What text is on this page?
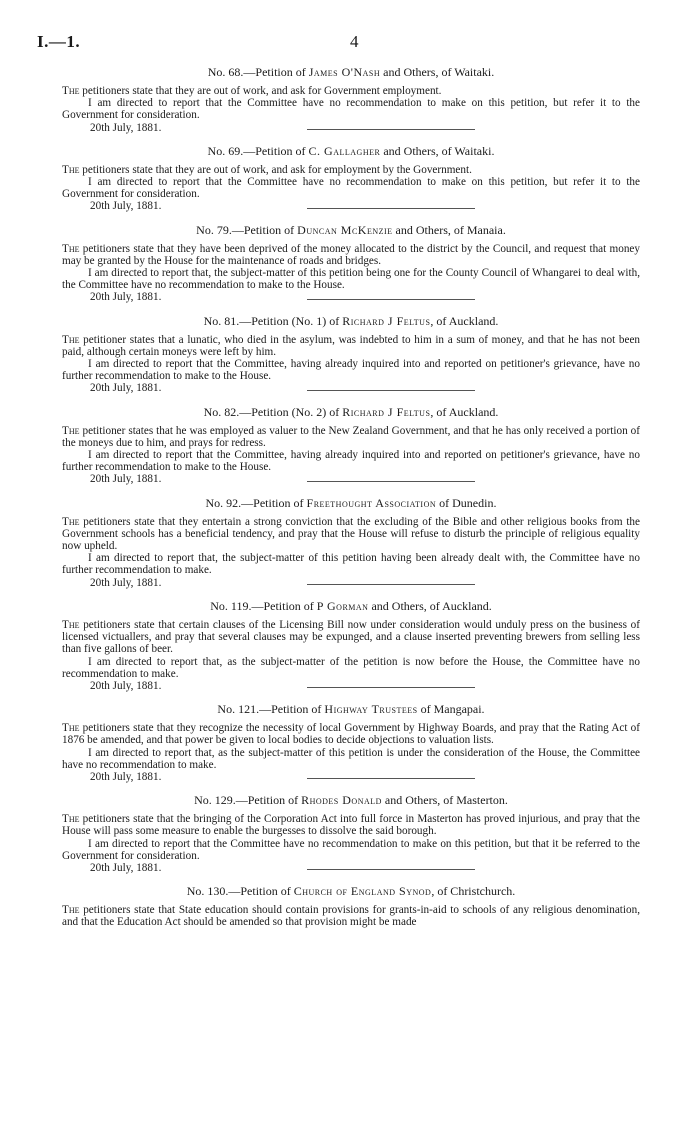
I.—1.	4

No. 68.—Petition of James O'Nash and Others, of Waitaki.

The petitioners state that they are out of work, and ask for Government employment.

I am directed to report that the Committee have no recommendation to make on this petition, but refer it to the Government for consideration.

20th July, 1881.

No. 69.—Petition of C. Gallagher and Others, of Waitaki.

The petitioners state that they are out of work, and ask for employment by the Government.

I am directed to report that the Committee have no recommendation to make on this petition, but refer it to the Government for consideration.

20th July, 1881.

No. 79.—Petition of Duncan McKenzie and Others, of Manaia.

The petitioners state that they have been deprived of the money allocated to the district by the Council, and request that money may be granted by the House for the maintenance of roads and bridges.

I am directed to report that, the subject-matter of this petition being one for the County Council of Whangarei to deal with, the Committee have no recommendation to make to the House.

20th July, 1881.

No. 81.—Petition (No. 1) of Richard J Feltus, of Auckland.

The petitioner states that a lunatic, who died in the asylum, was indebted to him in a sum of money, and that he has not been paid, although certain moneys were left by him.

I am directed to report that the Committee, having already inquired into and reported on petitioner's grievance, have no further recommendation to make to the House.

20th July, 1881.

No. 82.—Petition (No. 2) of Richard J Feltus, of Auckland.

The petitioner states that he was employed as valuer to the New Zealand Government, and that he has only received a portion of the moneys due to him, and prays for redress.

I am directed to report that the Committee, having already inquired into and reported on petitioner's grievance, have no further recommendation to make to the House.

20th July, 1881.

No. 92.—Petition of Freethought Association of Dunedin.

The petitioners state that they entertain a strong conviction that the excluding of the Bible and other religious books from the Government schools has a beneficial tendency, and pray that the House will refuse to disturb the principle of religious equality now upheld.

I am directed to report that, the subject-matter of this petition having been already dealt with, the Committee have no further recommendation to make.

20th July, 1881.

No. 119.—Petition of P Gorman and Others, of Auckland.

The petitioners state that certain clauses of the Licensing Bill now under consideration would unduly press on the business of licensed victuallers, and pray that several clauses may be expunged, and a clause inserted preventing brewers from selling less than five gallons of beer.

I am directed to report that, as the subject-matter of the petition is now before the House, the Committee have no recommendation to make.

20th July, 1881.

No. 121.—Petition of Highway Trustees of Mangapai.

The petitioners state that they recognize the necessity of local Government by Highway Boards, and pray that the Rating Act of 1876 be amended, and that power be given to local bodies to decide objections to valuation lists.

I am directed to report that, as the subject-matter of this petition is under the consideration of the House, the Committee have no recommendation to make.

20th July, 1881.

No. 129.—Petition of Rhodes Donald and Others, of Masterton.

The petitioners state that the bringing of the Corporation Act into full force in Masterton has proved injurious, and pray that the House will pass some measure to enable the burgesses to dissolve the said borough.

I am directed to report that the Committee have no recommendation to make on this petition, but that it be referred to the Government for consideration.

20th July, 1881.

No. 130.—Petition of Church of England Synod, of Christchurch.

The petitioners state that State education should contain provisions for grants-in-aid to schools of any religious denomination, and that the Education Act should be amended so that provision might be made
